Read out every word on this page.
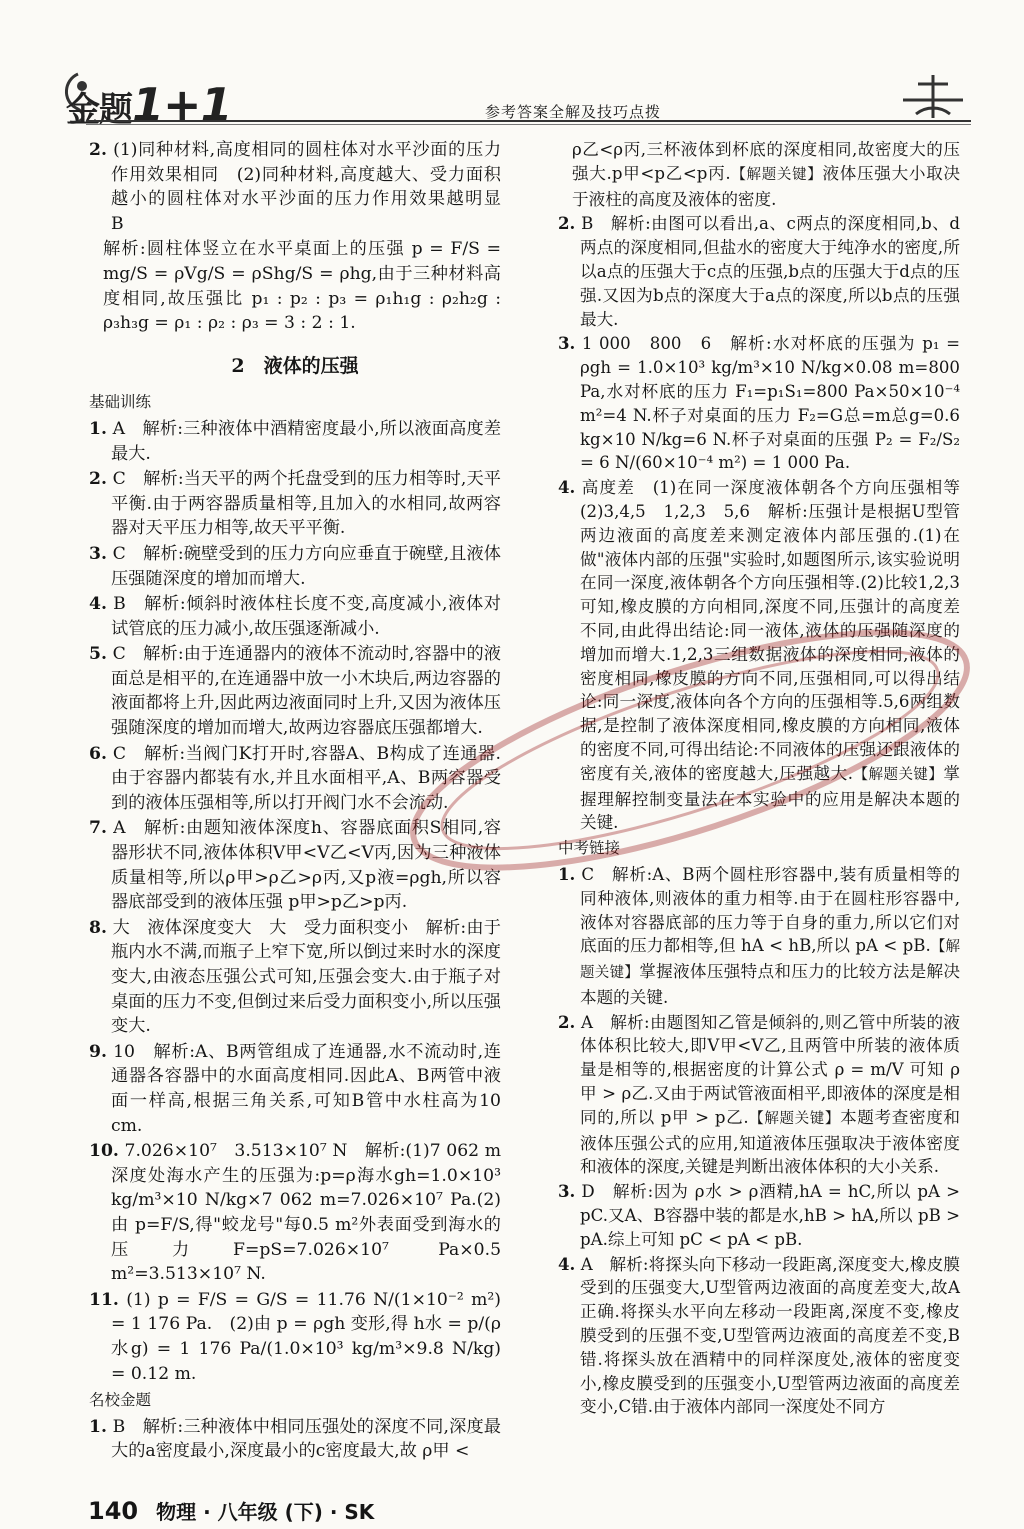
金题1+1	参考答案全解及技巧点拨
2. (1)同种材料,高度相同的圆柱体对水平沙面的压力作用效果相同　(2)同种材料,高度越大、受力面积越小的圆柱体对水平沙面的压力作用效果越明显　B
解析:圆柱体竖立在水平桌面上的压强 p = F/S = mg/S = ρVg/S = ρShg/S = ρhg,由于三种材料高度相同,故压强比 p₁ : p₂ : p₃ = ρ₁h₁g : ρ₂h₂g : ρ₃h₃g = ρ₁ : ρ₂ : ρ₃ = 3 : 2 : 1.
2　液体的压强
基础训练
1. A　解析:三种液体中酒精密度最小,所以液面高度差最大.
2. C　解析:当天平的两个托盘受到的压力相等时,天平平衡.由于两容器质量相等,且加入的水相同,故两容器对天平压力相等,故天平平衡.
3. C　解析:碗壁受到的压力方向应垂直于碗壁,且液体压强随深度的增加而增大.
4. B　解析:倾斜时液体柱长度不变,高度减小,液体对试管底的压力减小,故压强逐渐减小.
5. C　解析:由于连通器内的液体不流动时,容器中的液面总是相平的,在连通器中放一小木块后,两边容器的液面都将上升,因此两边液面同时上升,又因为液体压强随深度的增加而增大,故两边容器底压强都增大.
6. C　解析:当阀门K打开时,容器A、B构成了连通器.由于容器内都装有水,并且水面相平,A、B两容器受到的液体压强相等,所以打开阀门水不会流动.
7. A　解析:由题知液体深度h、容器底面积S相同,容器形状不同,液体体积V甲<V乙<V丙,因为三种液体质量相等,所以ρ甲>ρ乙>ρ丙,又p液=ρgh,所以容器底部受到的液体压强 p甲>p乙>p丙.
8. 大　液体深度变大　大　受力面积变小　解析:由于瓶内水不满,而瓶子上窄下宽,所以倒过来时水的深度变大,由液态压强公式可知,压强会变大.由于瓶子对桌面的压力不变,但倒过来后受力面积变小,所以压强变大.
9. 10　解析:A、B两管组成了连通器,水不流动时,连通器各容器中的水面高度相同.因此A、B两管中液面一样高,根据三角关系,可知B管中水柱高为10 cm.
10. 7.026×10⁷　3.513×10⁷ N　解析:(1)7 062 m深度处海水产生的压强为:p=ρ海水gh=1.0×10³ kg/m³×10 N/kg×7 062 m=7.026×10⁷ Pa.(2)由 p=F/S,得"蛟龙号"每0.5 m²外表面受到海水的压力F=pS=7.026×10⁷ Pa×0.5 m²=3.513×10⁷ N.
11. (1) p = F/S = G/S = 11.76 N/(1×10⁻² m²) = 1 176 Pa.　(2)由 p = ρgh 变形,得 h水 = p/(ρ水g) = 1 176 Pa/(1.0×10³ kg/m³×9.8 N/kg) = 0.12 m.
名校金题
1. B　解析:三种液体中相同压强处的深度不同,深度最大的a密度最小,深度最小的c密度最大,故 ρ甲 <
ρ乙<ρ丙,三杯液体到杯底的深度相同,故密度大的压强大.p甲<p乙<p丙.【解题关键】液体压强大小取决于液柱的高度及液体的密度.
2. B　解析:由图可以看出,a、c两点的深度相同,b、d两点的深度相同,但盐水的密度大于纯净水的密度,所以a点的压强大于c点的压强,b点的压强大于d点的压强.又因为b点的深度大于a点的深度,所以b点的压强最大.
3. 1 000　800　6　解析:水对杯底的压强为 p₁ = ρgh = 1.0×10³ kg/m³×10 N/kg×0.08 m=800 Pa,水对杯底的压力 F₁=p₁S₁=800 Pa×50×10⁻⁴ m²=4 N.杯子对桌面的压力 F₂=G总=m总g=0.6 kg×10 N/kg=6 N.杯子对桌面的压强 P₂ = F₂/S₂ = 6 N/(60×10⁻⁴ m²) = 1 000 Pa.
4. 高度差　(1)在同一深度液体朝各个方向压强相等　(2)3,4,5　1,2,3　5,6　解析:压强计是根据U型管两边液面的高度差来测定液体内部压强的.(1)在做"液体内部的压强"实验时,如题图所示,该实验说明在同一深度,液体朝各个方向压强相等.(2)比较1,2,3可知,橡皮膜的方向相同,深度不同,压强计的高度差不同,由此得出结论:同一液体,液体的压强随深度的增加而增大.1,2,3三组数据液体的深度相同,液体的密度相同,橡皮膜的方向不同,压强相同,可以得出结论:同一深度,液体向各个方向的压强相等.5,6两组数据,是控制了液体深度相同,橡皮膜的方向相同,液体的密度不同,可得出结论:不同液体的压强还跟液体的密度有关,液体的密度越大,压强越大.【解题关键】掌握理解控制变量法在本实验中的应用是解决本题的关键.
中考链接
1. C　解析:A、B两个圆柱形容器中,装有质量相等的同种液体,则液体的重力相等.由于在圆柱形容器中,液体对容器底部的压力等于自身的重力,所以它们对底面的压力都相等,但 hA < hB,所以 pA < pB.【解题关键】掌握液体压强特点和压力的比较方法是解决本题的关键.
2. A　解析:由题图知乙管是倾斜的,则乙管中所装的液体体积比较大,即V甲<V乙,且两管中所装的液体质量是相等的,根据密度的计算公式 ρ = m/V 可知 ρ甲 > ρ乙.又由于两试管液面相平,即液体的深度是相同的,所以 p甲 > p乙.【解题关键】本题考查密度和液体压强公式的应用,知道液体压强取决于液体密度和液体的深度,关键是判断出液体体积的大小关系.
3. D　解析:因为 ρ水 > ρ酒精,hA = hC,所以 pA > pC.又A、B容器中装的都是水,hB > hA,所以 pB > pA.综上可知 pC < pA < pB.
4. A　解析:将探头向下移动一段距离,深度变大,橡皮膜受到的压强变大,U型管两边液面的高度差变大,故A正确.将探头水平向左移动一段距离,深度不变,橡皮膜受到的压强不变,U型管两边液面的高度差不变,B错.将探头放在酒精中的同样深度处,液体的密度变小,橡皮膜受到的压强变小,U型管两边液面的高度差变小,C错.由于液体内部同一深度处不同方
140 物理 · 八年级 (下) · SK
